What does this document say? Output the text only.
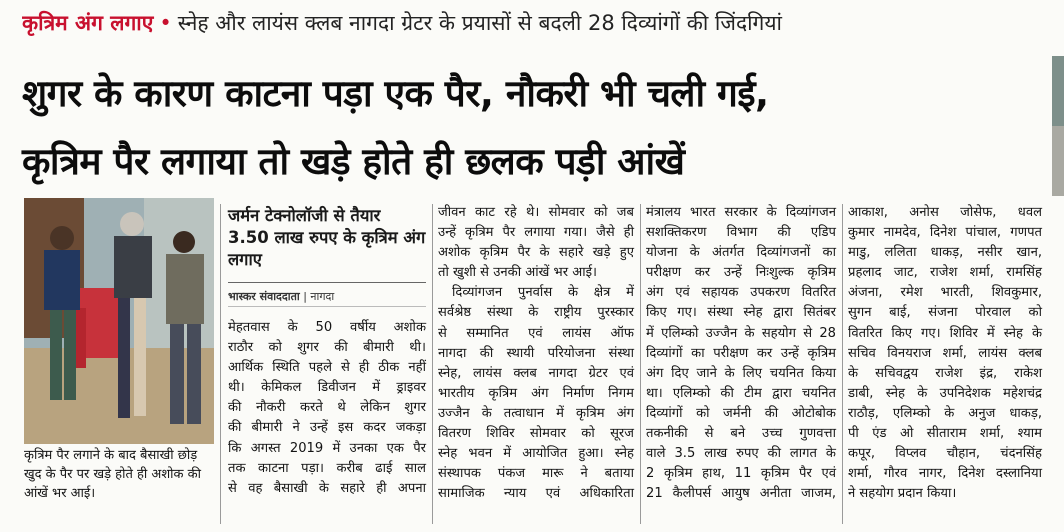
कृत्रिम अंग लगाए • स्नेह और लायंस क्लब नागदा ग्रेटर के प्रयासों से बदली 28 दिव्यांगों की जिंदगियां
शुगर के कारण काटना पड़ा एक पैर, नौकरी भी चली गई,
कृत्रिम पैर लगाया तो खड़े होते ही छलक पड़ी आंखें
कृत्रिम पैर लगाने के बाद बैसाखी छोड़ खुद के पैर पर खड़े होते ही अशोक की आंखें भर आई।
जर्मन टेक्नोलॉजी से तैयार 3.50 लाख रुपए के कृत्रिम अंग लगाए
भास्कर संवाददाता | नागदा

मेहतवास के 50 वर्षीय अशोक

राठौर को शुगर की बीमारी थी।

आर्थिक स्थिति पहले से ही ठीक नहीं

थी। केमिकल डिवीजन में ड्राइवर

की नौकरी करते थे लेकिन शुगर

की बीमारी ने उन्हें इस कदर जकड़ा

कि अगस्त 2019 में उनका एक पैर

तक काटना पड़ा। करीब ढाई साल

से वह बैसाखी के सहारे ही अपना

जीवन काट रहे थे। सोमवार को जब

उन्हें कृत्रिम पैर लगाया गया। जैसे ही

अशोक कृत्रिम पैर के सहारे खड़े हुए

तो खुशी से उनकी आंखें भर आई।

दिव्यांगजन पुनर्वास के क्षेत्र में

सर्वश्रेष्ठ संस्था के राष्ट्रीय पुरस्कार

से सम्मानित एवं लायंस ऑफ

नागदा की स्थायी परियोजना संस्था

स्नेह, लायंस क्लब नागदा ग्रेटर एवं

भारतीय कृत्रिम अंग निर्माण निगम

उज्जैन के तत्वाधान में कृत्रिम अंग

वितरण शिविर सोमवार को सूरज

स्नेह भवन में आयोजित हुआ। स्नेह

संस्थापक पंकज मारू ने बताया

सामाजिक न्याय एवं अधिकारिता

मंत्रालय भारत सरकार के दिव्यांगजन

सशक्तिकरण विभाग की एडिप

योजना के अंतर्गत दिव्यांगजनों का

परीक्षण कर उन्हें निःशुल्क कृत्रिम

अंग एवं सहायक उपकरण वितरित

किए गए। संस्था स्नेह द्वारा सितंबर

में एलिम्को उज्जैन के सहयोग से 28

दिव्यांगों का परीक्षण कर उन्हें कृत्रिम

अंग दिए जाने के लिए चयनित किया

था। एलिम्को की टीम द्वारा चयनित

दिव्यांगों को जर्मनी की ओटोबोक

तकनीकी से बने उच्च गुणवत्ता

वाले 3.5 लाख रुपए की लागत के

2 कृत्रिम हाथ, 11 कृत्रिम पैर एवं

21 कैलीपर्स आयुष अनीता जाजम,

आकाश, अनोस जोसेफ, धवल

कुमार नामदेव, दिनेश पांचाल, गणपत

माडु, ललिता धाकड़, नसीर खान,

प्रहलाद जाट, राजेश शर्मा, रामसिंह

अंजना, रमेश भारती, शिवकुमार,

सुगन बाई, संजना पोरवाल को

वितरित किए गए। शिविर में स्नेह के

सचिव विनयराज शर्मा, लायंस क्लब

के सचिवद्वय राजेश इंद्र, राकेश

डाबी, स्नेह के उपनिदेशक महेशचंद्र

राठौड़, एलिम्को के अनुज धाकड़,

पी एंड ओ सीताराम शर्मा, श्याम

कपूर, विप्लव चौहान, चंदनसिंह

शर्मा, गौरव नागर, दिनेश दस्लानिया

ने सहयोग प्रदान किया।
